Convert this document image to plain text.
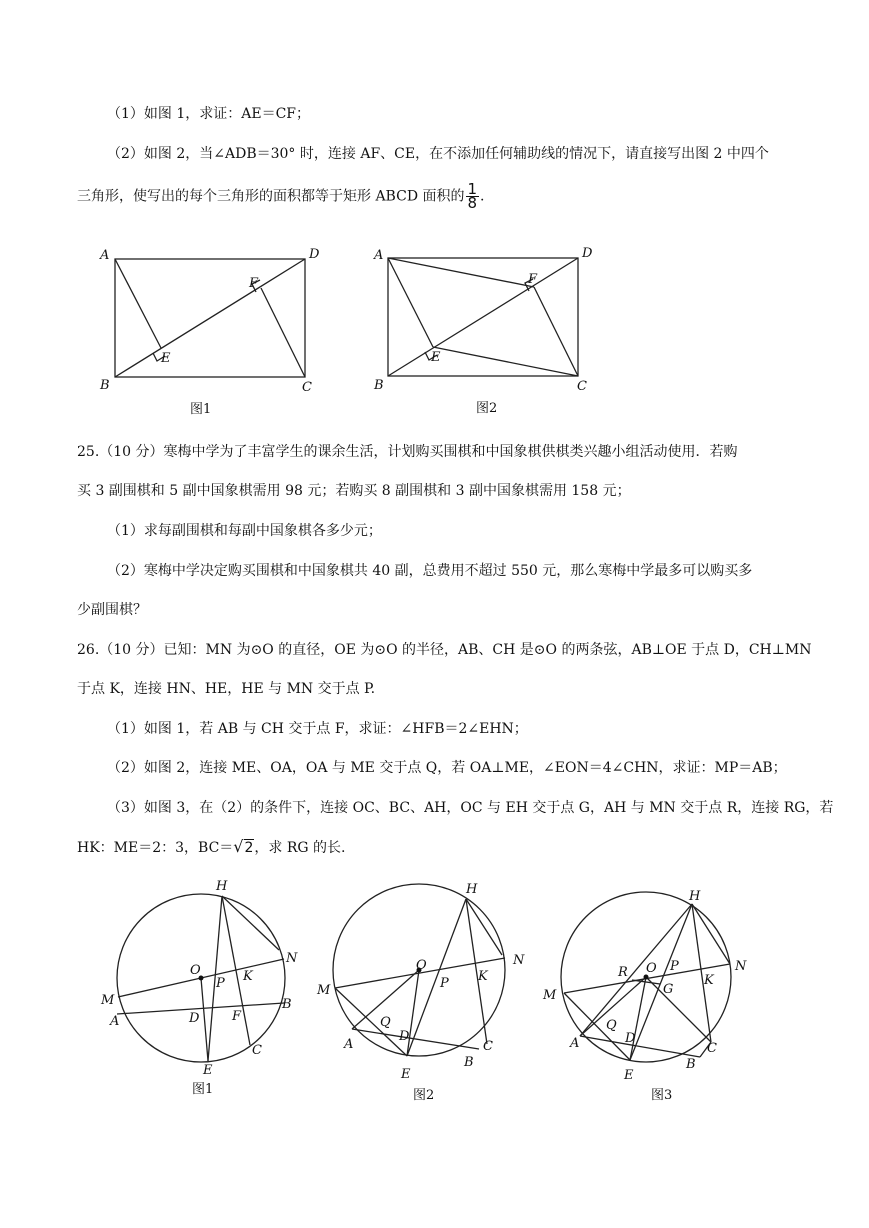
（1）如图 1，求证：AE＝CF；
（2）如图 2，当∠ADB＝30° 时，连接 AF、CE，在不添加任何辅助线的情况下，请直接写出图 2 中四个
三角形，使写出的每个三角形的面积都等于矩形 ABCD 面积的 $\frac{1}{8}$ .
A	D
B	C
E
F
图1
A	D
B	C
E
F
图2
25.（10 分）寒梅中学为了丰富学生的课余生活，计划购买围棋和中国象棋供棋类兴趣小组活动使用．若购
买 3 副围棋和 5 副中国象棋需用 98 元；若购买 8 副围棋和 3 副中国象棋需用 158 元；
（1）求每副围棋和每副中国象棋各多少元；
（2）寒梅中学决定购买围棋和中国象棋共 40 副，总费用不超过 550 元，那么寒梅中学最多可以购买多
少副围棋？
26.（10 分）已知：MN 为⊙O 的直径，OE 为⊙O 的半径，AB、CH 是⊙O 的两条弦，AB⊥OE 于点 D，CH⊥MN
于点 K，连接 HN、HE，HE 与 MN 交于点 P.
（1）如图 1，若 AB 与 CH 交于点 F，求证：∠HFB＝2∠EHN；
（2）如图 2，连接 ME、OA，OA 与 ME 交于点 Q，若 OA⊥ME，∠EON＝4∠CHN，求证：MP＝AB；
（3）如图 3，在（2）的条件下，连接 OC、BC、AH，OC 与 EH 交于点 G，AH 与 MN 交于点 R，连接 RG，若
HK：ME＝2：3，BC＝√2，求 RG 的长.
H
N
O
P K
M
A
B
D	F
C
E
图1
H
N
O
P K
M
Q
D
A
B
C
E
图2
H
N
R O P
G
K
M
Q
D
A
B
C
E
图3
